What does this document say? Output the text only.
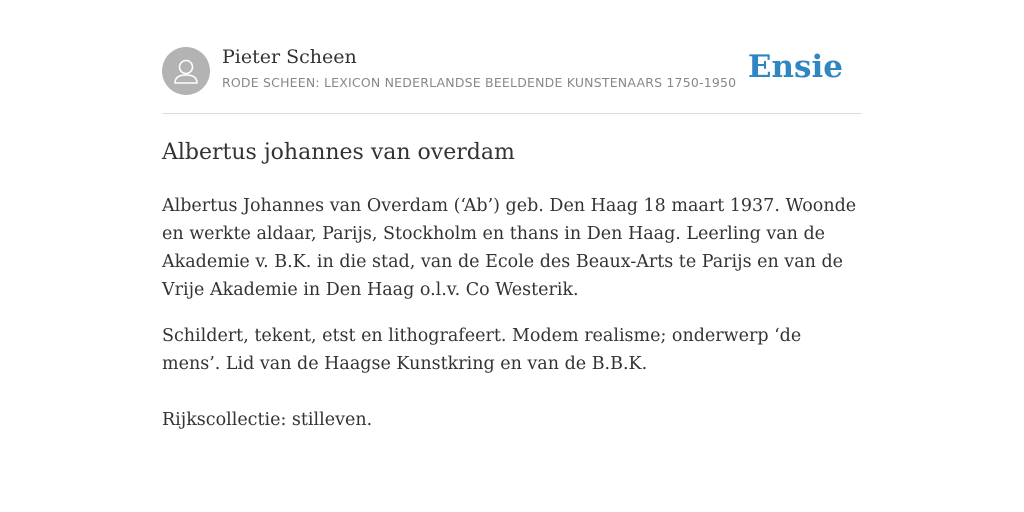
Pieter Scheen
RODE SCHEEN: LEXICON NEDERLANDSE BEELDENDE KUNSTENAARS 1750-1950 Ensie
Albertus johannes van overdam

Albertus Johannes van Overdam (‘Ab’) geb. Den Haag 18 maart 1937. Woonde en werkte aldaar, Parijs, Stockholm en thans in Den Haag. Leerling van de Akademie v. B.K. in die stad, van de Ecole des Beaux-Arts te Parijs en van de Vrije Akademie in Den Haag o.l.v. Co Westerik.

Schildert, tekent, etst en lithografeert. Modem realisme; onderwerp ‘de mens’. Lid van de Haagse Kunstkring en van de B.B.K.

Rijkscollectie: stilleven.
